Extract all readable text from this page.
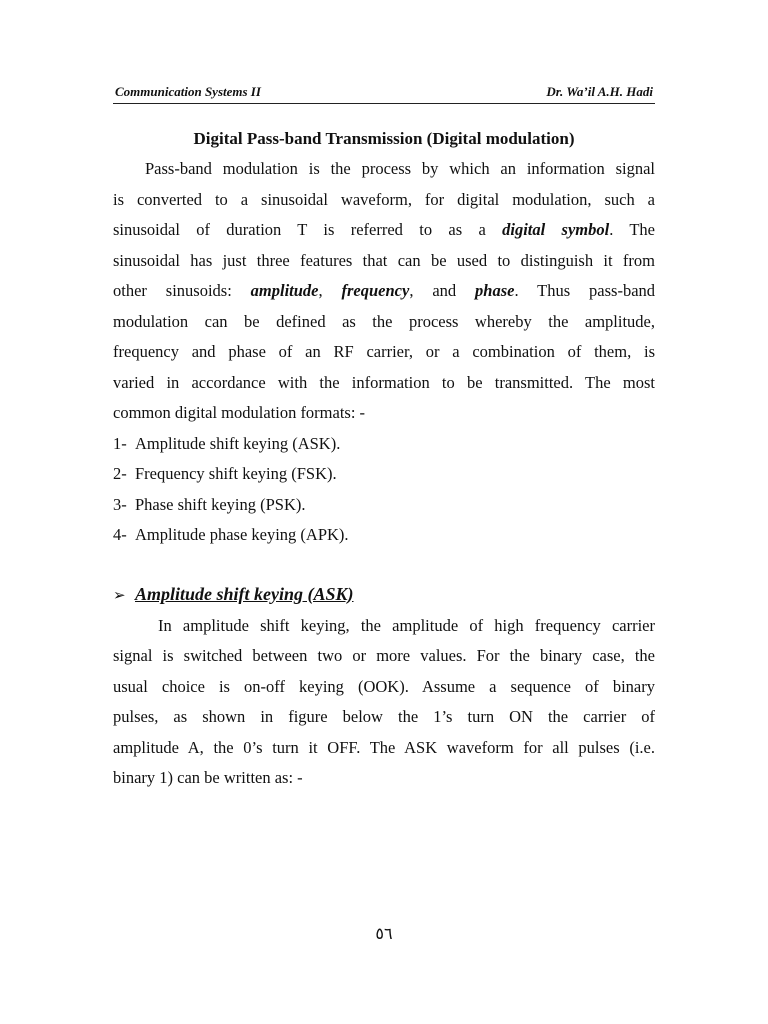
Communication Systems II	Dr. Wa’il A.H. Hadi
Digital Pass-band Transmission (Digital modulation)
Pass-band modulation is the process by which an information signal
is converted to a sinusoidal waveform, for digital modulation, such a
sinusoidal of duration T is referred to as a digital symbol. The
sinusoidal has just three features that can be used to distinguish it from
other sinusoids: amplitude, frequency, and phase. Thus pass-band
modulation can be defined as the process whereby the amplitude,
frequency and phase of an RF carrier, or a combination of them, is
varied in accordance with the information to be transmitted. The most
common digital modulation formats: -
1- Amplitude shift keying (ASK).
2- Frequency shift keying (FSK).
3- Phase shift keying (PSK).
4- Amplitude phase keying (APK).
➢ Amplitude shift keying (ASK)
In amplitude shift keying, the amplitude of high frequency carrier
signal is switched between two or more values. For the binary case, the
usual choice is on-off keying (OOK). Assume a sequence of binary
pulses, as shown in figure below the 1’s turn ON the carrier of
amplitude A, the 0’s turn it OFF. The ASK waveform for all pulses (i.e.
binary 1) can be written as: -
٥٦
